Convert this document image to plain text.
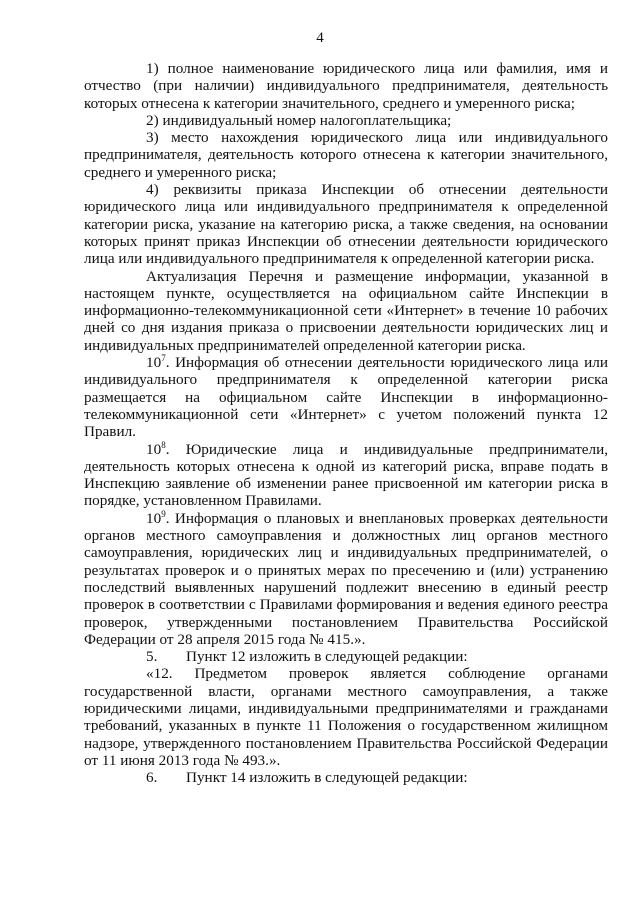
4

1) полное наименование юридического лица или фамилия, имя и отчество (при наличии) индивидуального предпринимателя, деятельность которых отнесена к категории значительного, среднего и умеренного риска;

2) индивидуальный номер налогоплательщика;

3) место нахождения юридического лица или индивидуального предпринимателя, деятельность которого отнесена к категории значительного, среднего и умеренного риска;

4) реквизиты приказа Инспекции об отнесении деятельности юридического лица или индивидуального предпринимателя к определенной категории риска, указание на категорию риска, а также сведения, на основании которых принят приказ Инспекции об отнесении деятельности юридического лица или индивидуального предпринимателя к определенной категории риска.

Актуализация Перечня и размещение информации, указанной в настоящем пункте, осуществляется на официальном сайте Инспекции в информационно-телекоммуникационной сети «Интернет» в течение 10 рабочих дней со дня издания приказа о присвоении деятельности юридических лиц и индивидуальных предпринимателей определенной категории риска.

$10^7$. Информация об отнесении деятельности юридического лица или индивидуального предпринимателя к определенной категории риска размещается на официальном сайте Инспекции в информационно-телекоммуникационной сети «Интернет» с учетом положений пункта 12 Правил.

$10^8$. Юридические лица и индивидуальные предприниматели, деятельность которых отнесена к одной из категорий риска, вправе подать в Инспекцию заявление об изменении ранее присвоенной им категории риска в порядке, установленном Правилами.

$10^9$. Информация о плановых и внеплановых проверках деятельности органов местного самоуправления и должностных лиц органов местного самоуправления, юридических лиц и индивидуальных предпринимателей, о результатах проверок и о принятых мерах по пресечению и (или) устранению последствий выявленных нарушений подлежит внесению в единый реестр проверок в соответствии с Правилами формирования и ведения единого реестра проверок, утвержденными постановлением Правительства Российской Федерации от 28 апреля 2015 года № 415.».

5. Пункт 12 изложить в следующей редакции:

«12. Предметом проверок является соблюдение органами государственной власти, органами местного самоуправления, а также юридическими лицами, индивидуальными предпринимателями и гражданами требований, указанных в пункте 11 Положения о государственном жилищном надзоре, утвержденного постановлением Правительства Российской Федерации от 11 июня 2013 года № 493.».

6. Пункт 14 изложить в следующей редакции:
